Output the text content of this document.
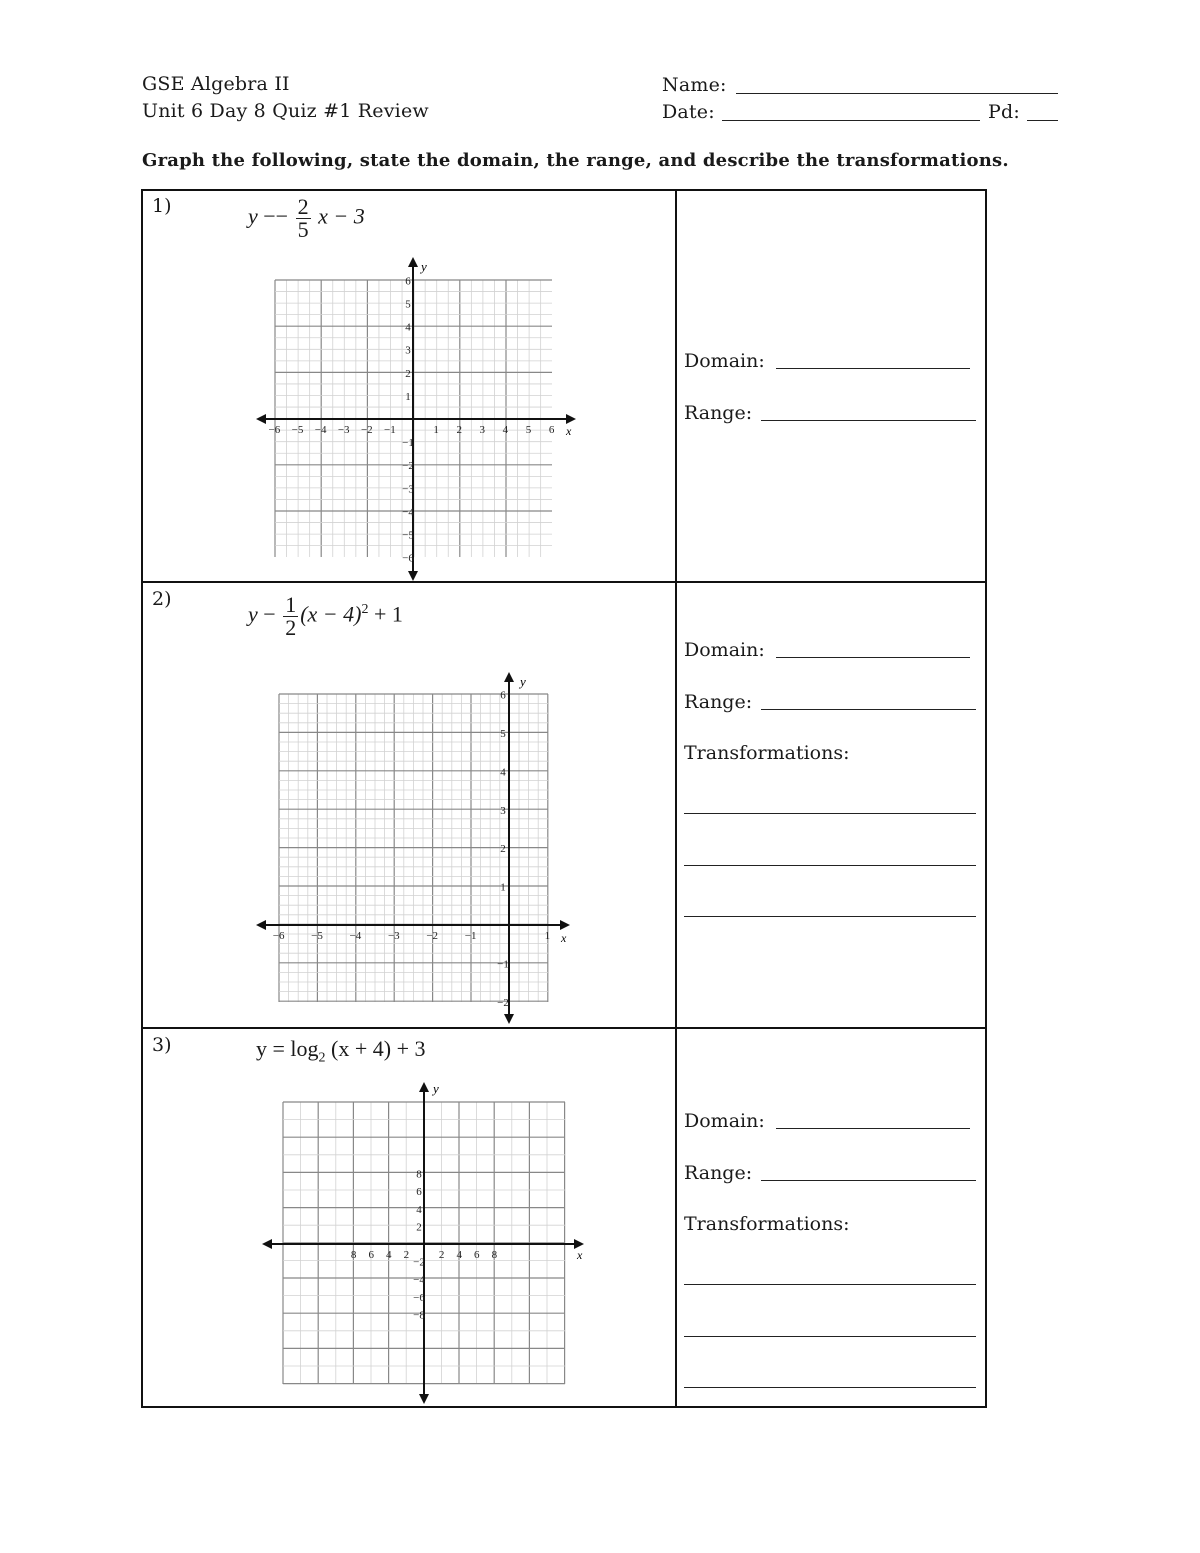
GSE Algebra II
Unit 6 Day 8 Quiz #1 Review
Name:
Date:	Pd:
Graph the following, state the domain, the range, and describe the transformations.
1)	$y -- \frac{2}{5}$ x − 3
x
y
−6 −5 −4 −3 −2 −1	1 2 3 4 5 6
1
2
3
4
5
6
−1
−2
−3
−4
−5
−6
Domain:
Range:
2)
$y - \frac{1}{2} (x - 4)^2 + 1$
x
y
−6 −5 −4 −3 −2 −1	1
1
2
3
4
5
6
−1
−2
Domain:
Range:
Transformations:
3)	$y = \log_2 (x + 4) + 3$
x
y
8 6 4 2	2 4 6 8
8
6
4
2
−2
−4
−6
−8
Domain:
Range:
Transformations:
